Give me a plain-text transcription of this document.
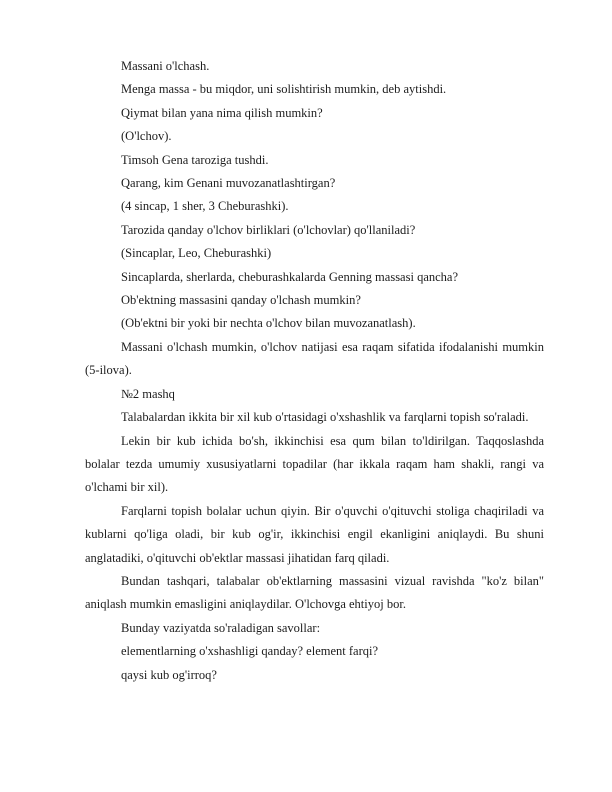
Massani o'lchash.

Menga massa - bu miqdor, uni solishtirish mumkin, deb aytishdi.

Qiymat bilan yana nima qilish mumkin?

(O'lchov).

Timsoh Gena taroziga tushdi.

Qarang, kim Genani muvozanatlashtirgan?

(4 sincap, 1 sher, 3 Cheburashki).

Tarozida qanday o'lchov birliklari (o'lchovlar) qo'llaniladi?

(Sincaplar, Leo, Cheburashki)

Sincaplarda, sherlarda, cheburashkalarda Genning massasi qancha?

Ob'ektning massasini qanday o'lchash mumkin?

(Ob'ektni bir yoki bir nechta o'lchov bilan muvozanatlash).

Massani o'lchash mumkin, o'lchov natijasi esa raqam sifatida ifodalanishi mumkin (5-ilova).

№2 mashq

Talabalardan ikkita bir xil kub o'rtasidagi o'xshashlik va farqlarni topish so'raladi.

Lekin bir kub ichida bo'sh, ikkinchisi esa qum bilan to'ldirilgan. Taqqoslashda bolalar tezda umumiy xususiyatlarni topadilar (har ikkala raqam ham shakli, rangi va o'lchami bir xil).

Farqlarni topish bolalar uchun qiyin. Bir o'quvchi o'qituvchi stoliga chaqiriladi va kublarni qo'liga oladi, bir kub og'ir, ikkinchisi engil ekanligini aniqlaydi. Bu shuni anglatadiki, o'qituvchi ob'ektlar massasi jihatidan farq qiladi.

Bundan tashqari, talabalar ob'ektlarning massasini vizual ravishda "ko'z bilan" aniqlash mumkin emasligini aniqlaydilar. O'lchovga ehtiyoj bor.

Bunday vaziyatda so'raladigan savollar:

elementlarning o'xshashligi qanday? element farqi?

qaysi kub og'irroq?
